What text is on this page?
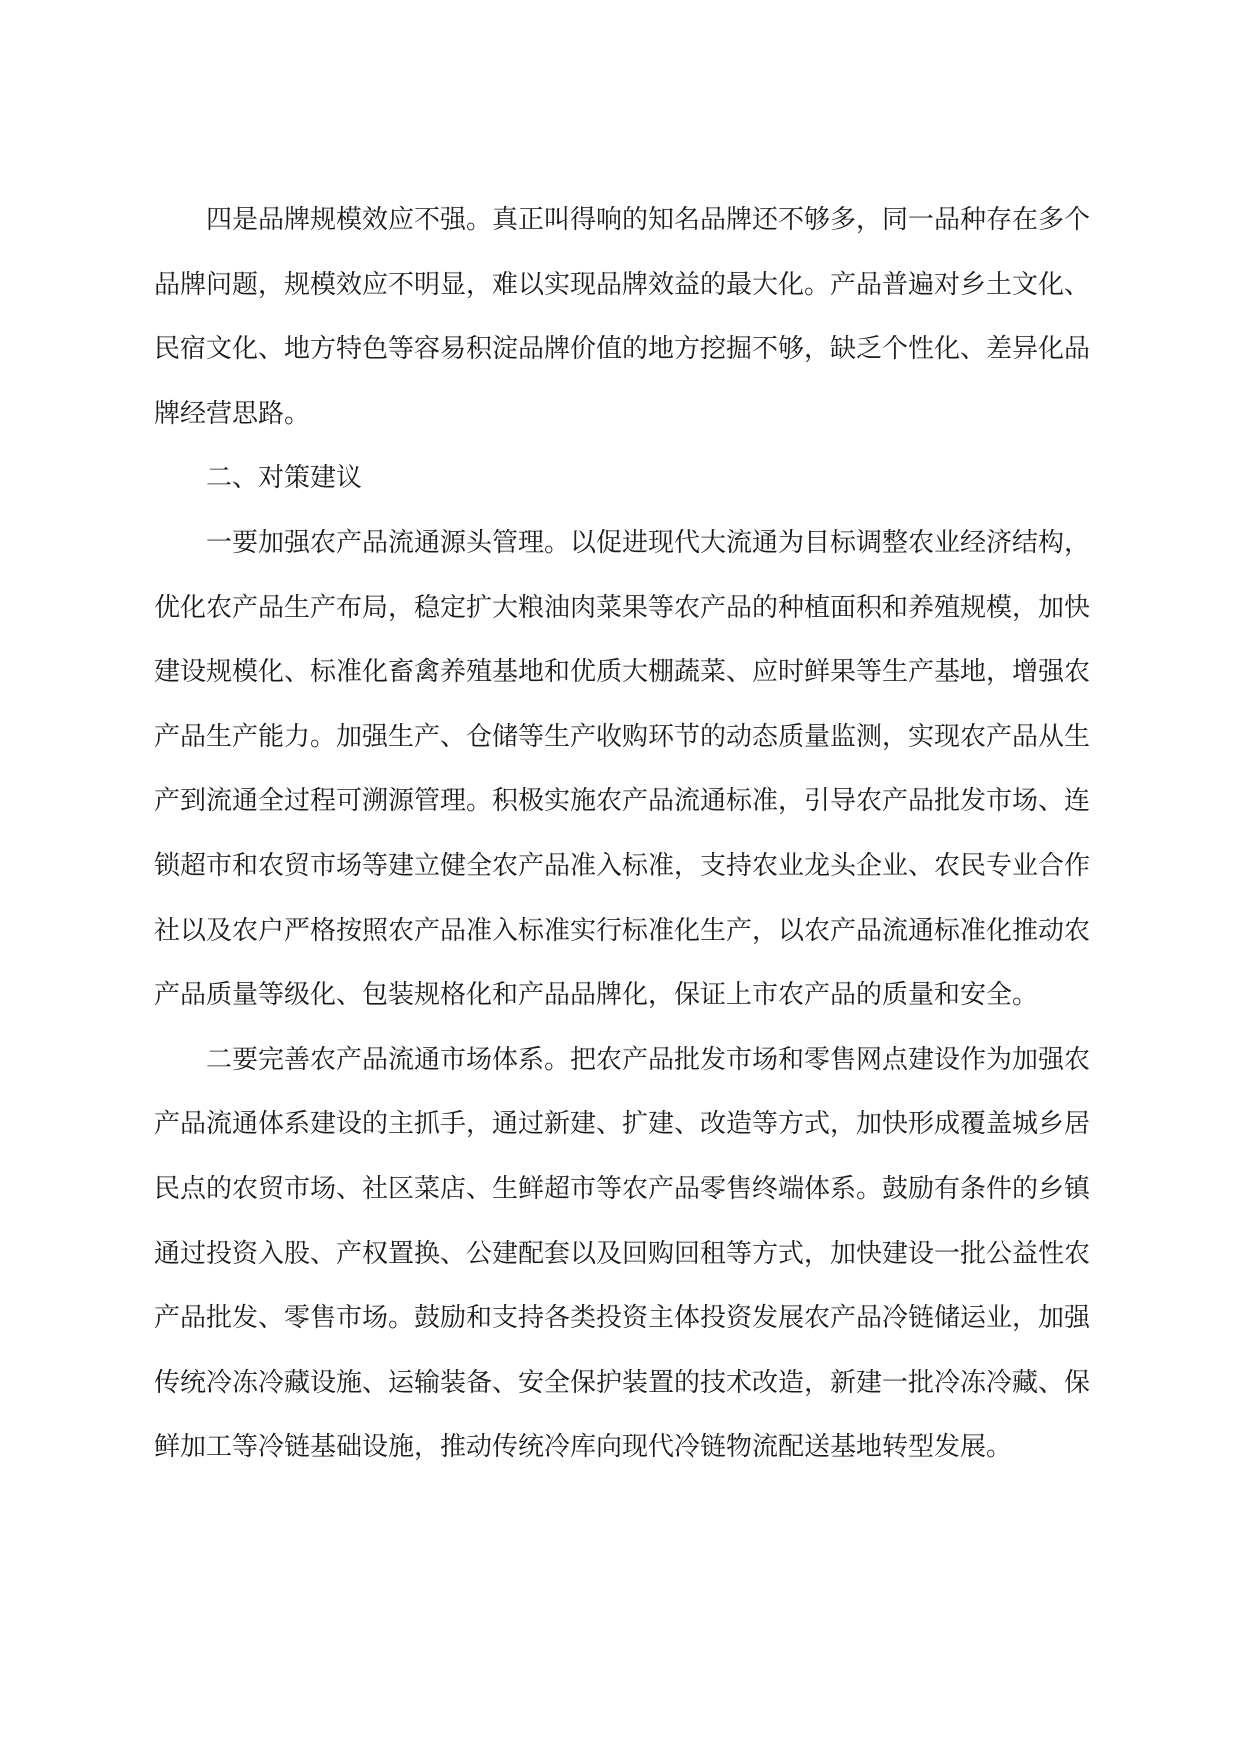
四是品牌规模效应不强。真正叫得响的知名品牌还不够多，同一品种存在多个
品牌问题，规模效应不明显，难以实现品牌效益的最大化。产品普遍对乡土文化、
民宿文化、地方特色等容易积淀品牌价值的地方挖掘不够，缺乏个性化、差异化品
牌经营思路。
二、对策建议
一要加强农产品流通源头管理。以促进现代大流通为目标调整农业经济结构，
优化农产品生产布局，稳定扩大粮油肉菜果等农产品的种植面积和养殖规模，加快
建设规模化、标准化畜禽养殖基地和优质大棚蔬菜、应时鲜果等生产基地，增强农
产品生产能力。加强生产、仓储等生产收购环节的动态质量监测，实现农产品从生
产到流通全过程可溯源管理。积极实施农产品流通标准，引导农产品批发市场、连
锁超市和农贸市场等建立健全农产品准入标准，支持农业龙头企业、农民专业合作
社以及农户严格按照农产品准入标准实行标准化生产，以农产品流通标准化推动农
产品质量等级化、包装规格化和产品品牌化，保证上市农产品的质量和安全。
二要完善农产品流通市场体系。把农产品批发市场和零售网点建设作为加强农
产品流通体系建设的主抓手，通过新建、扩建、改造等方式，加快形成覆盖城乡居
民点的农贸市场、社区菜店、生鲜超市等农产品零售终端体系。鼓励有条件的乡镇
通过投资入股、产权置换、公建配套以及回购回租等方式，加快建设一批公益性农
产品批发、零售市场。鼓励和支持各类投资主体投资发展农产品冷链储运业，加强
传统冷冻冷藏设施、运输装备、安全保护装置的技术改造，新建一批冷冻冷藏、保
鲜加工等冷链基础设施，推动传统冷库向现代冷链物流配送基地转型发展。
